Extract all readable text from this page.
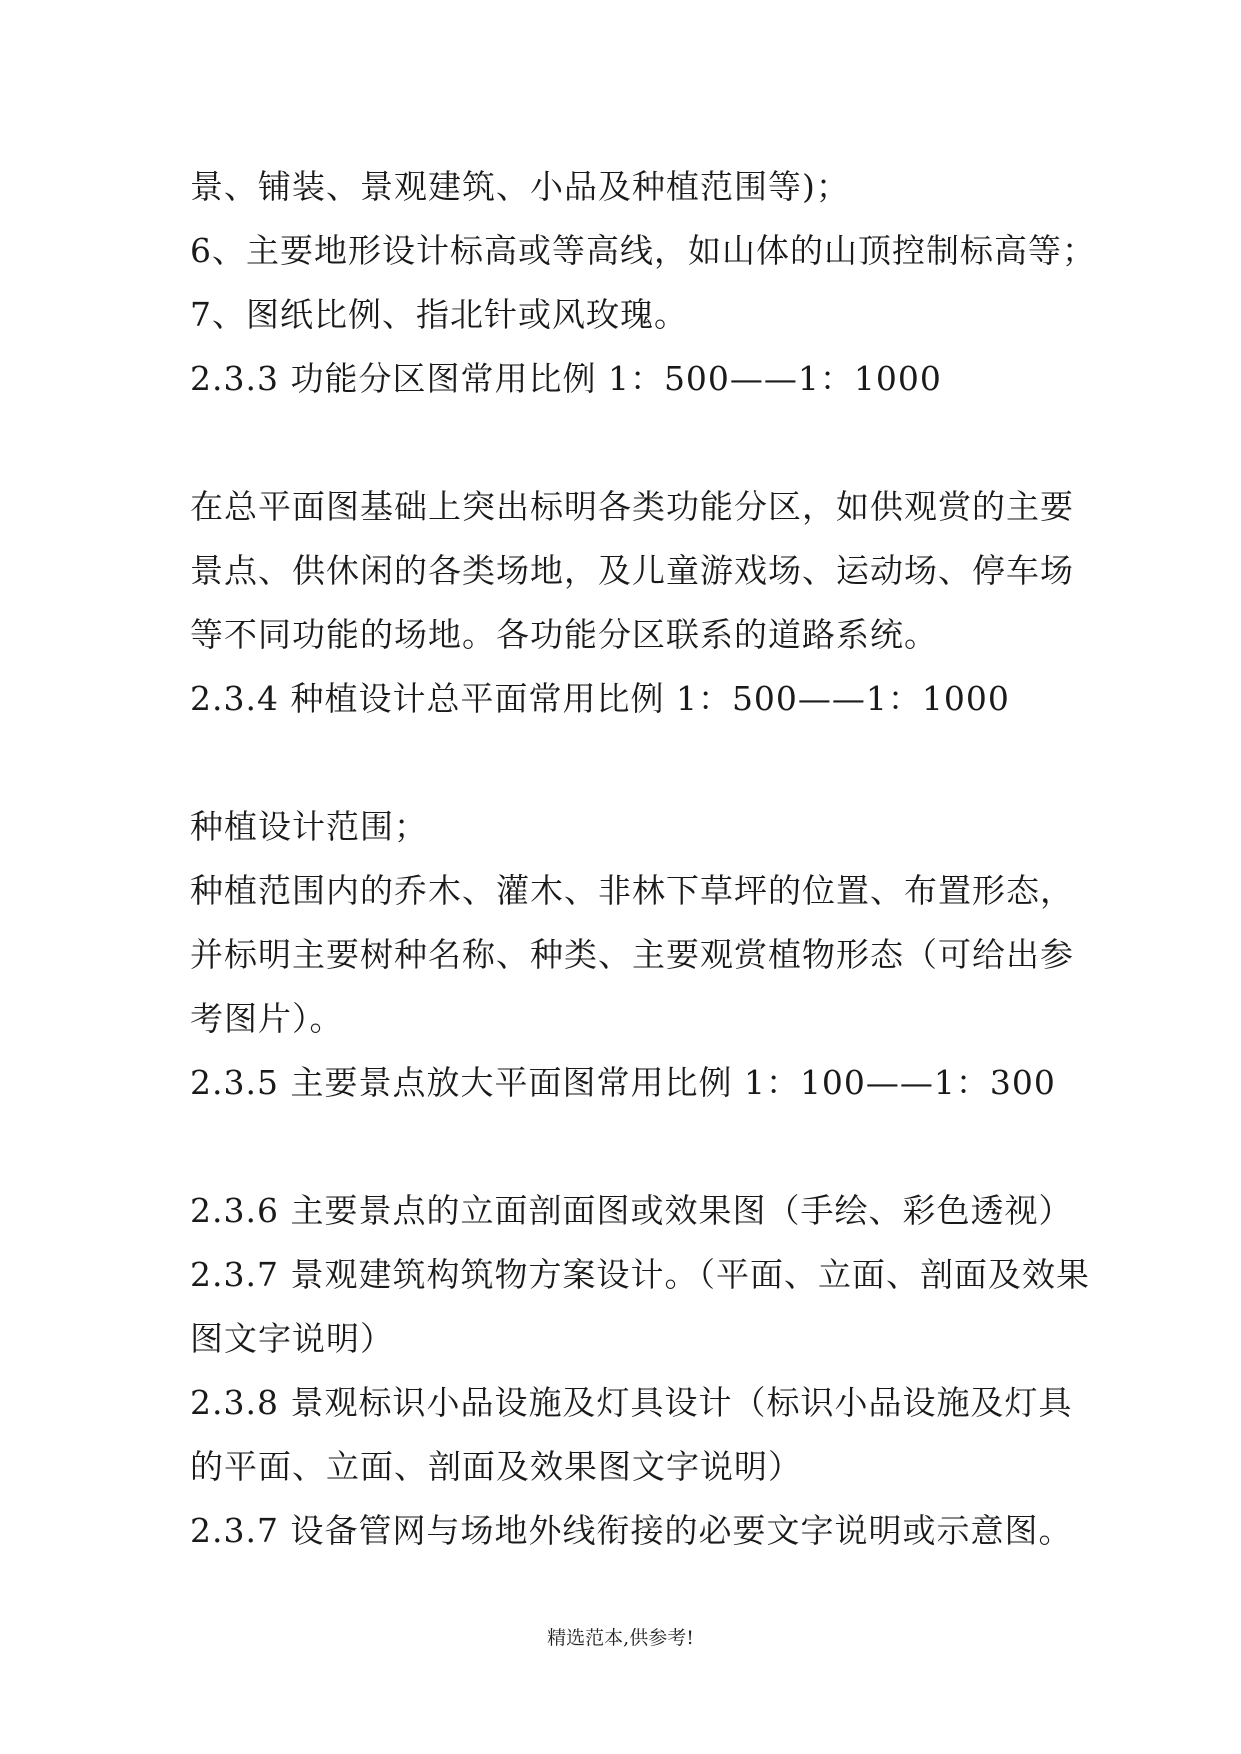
景、铺装、景观建筑、小品及种植范围等)；
6、主要地形设计标高或等高线，如山体的山顶控制标高等；
7、图纸比例、指北针或风玫瑰。
2.3.3 功能分区图常用比例 1：500——1：1000
在总平面图基础上突出标明各类功能分区，如供观赏的主要
景点、供休闲的各类场地，及儿童游戏场、运动场、停车场
等不同功能的场地。各功能分区联系的道路系统。
2.3.4 种植设计总平面常用比例 1：500——1：1000
种植设计范围；
种植范围内的乔木、灌木、非林下草坪的位置、布置形态，
并标明主要树种名称、种类、主要观赏植物形态（可给出参
考图片）。
2.3.5 主要景点放大平面图常用比例 1：100——1：300
2.3.6 主要景点的立面剖面图或效果图（手绘、彩色透视）
2.3.7 景观建筑构筑物方案设计。（平面、立面、剖面及效果
图文字说明）
2.3.8 景观标识小品设施及灯具设计（标识小品设施及灯具
的平面、立面、剖面及效果图文字说明）
2.3.7 设备管网与场地外线衔接的必要文字说明或示意图。
精选范本,供参考!
